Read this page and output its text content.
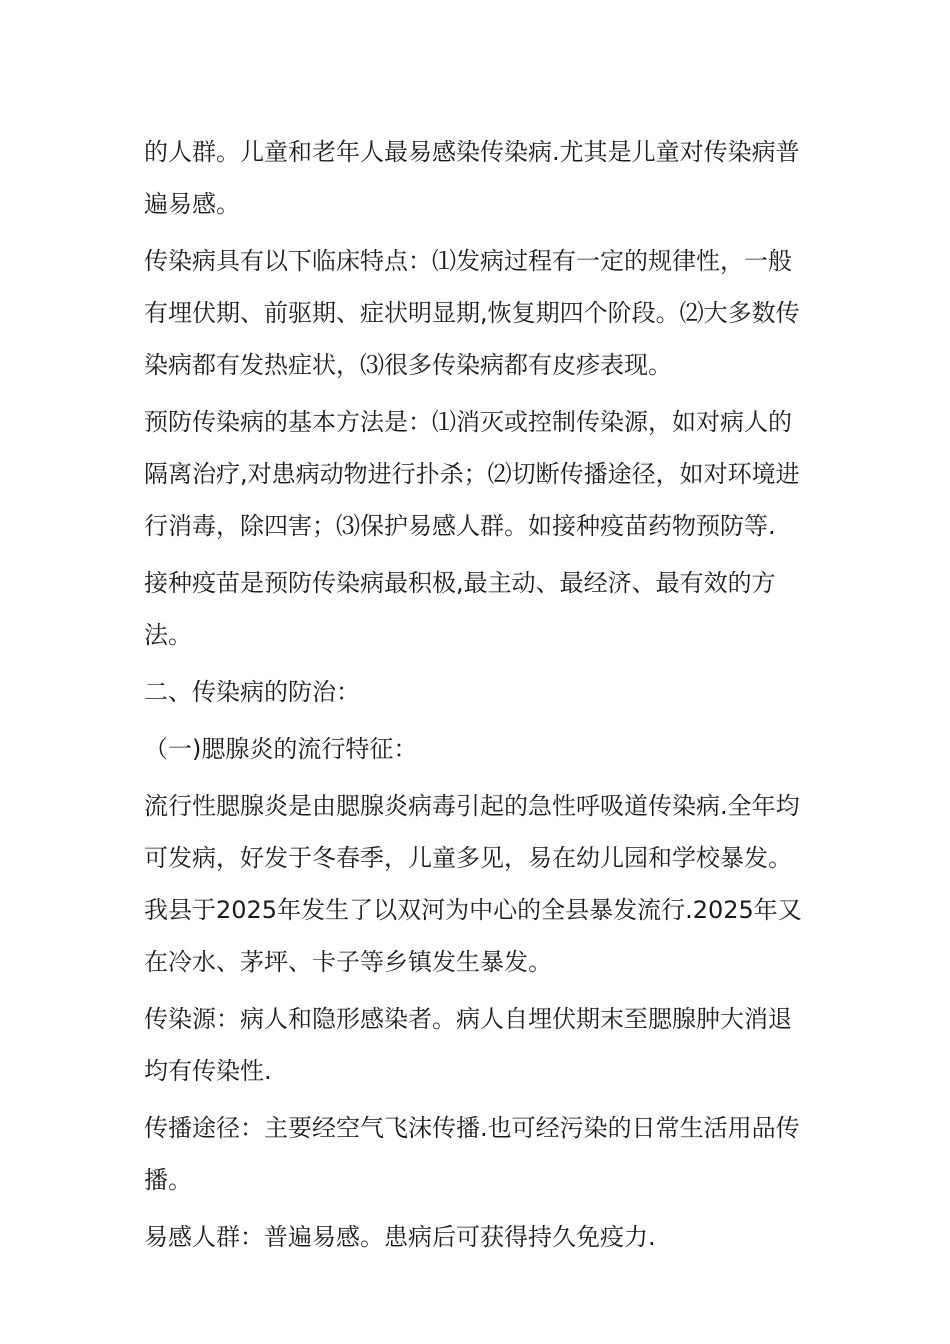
的人群。儿童和老年人最易感染传染病.尤其是儿童对传染病普遍易感。

传染病具有以下临床特点：⑴发病过程有一定的规律性，一般有埋伏期、前驱期、症状明显期,恢复期四个阶段。⑵大多数传染病都有发热症状，⑶很多传染病都有皮疹表现。

预防传染病的基本方法是：⑴消灭或控制传染源，如对病人的隔离治疗,对患病动物进行扑杀；⑵切断传播途径，如对环境进行消毒，除四害；⑶保护易感人群。如接种疫苗药物预防等.

接种疫苗是预防传染病最积极,最主动、最经济、最有效的方法。

二、传染病的防治：

（一)腮腺炎的流行特征：

流行性腮腺炎是由腮腺炎病毒引起的急性呼吸道传染病.全年均可发病，好发于冬春季，儿童多见，易在幼儿园和学校暴发。我县于2025年发生了以双河为中心的全县暴发流行.2025年又在冷水、茅坪、卡子等乡镇发生暴发。

传染源：病人和隐形感染者。病人自埋伏期末至腮腺肿大消退均有传染性.

传播途径：主要经空气飞沫传播.也可经污染的日常生活用品传播。

易感人群：普遍易感。患病后可获得持久免疫力.
